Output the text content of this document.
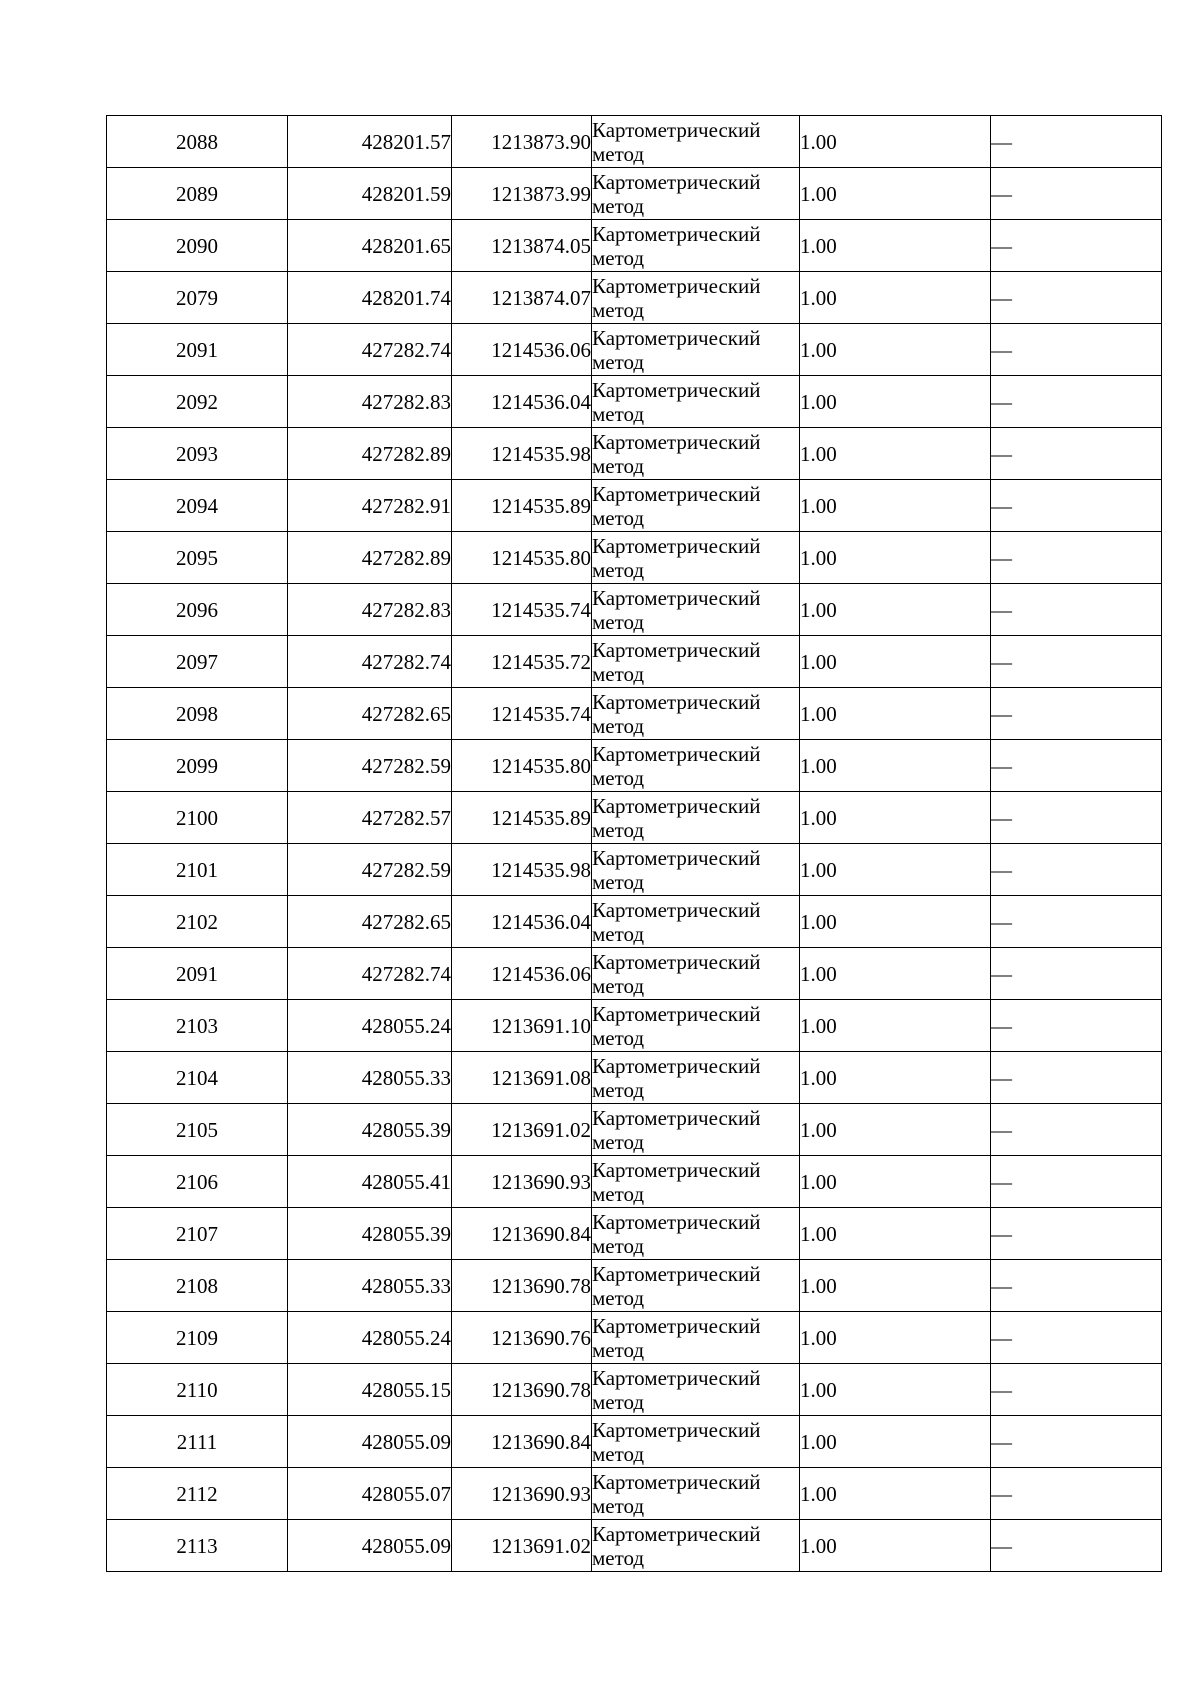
2088	428201.57	1213873.90	Картометрический
метод	1.00	—
2089	428201.59	1213873.99	Картометрический
метод	1.00	—
2090	428201.65	1213874.05	Картометрический
метод	1.00	—
2079	428201.74	1213874.07	Картометрический
метод	1.00	—
2091	427282.74	1214536.06	Картометрический
метод	1.00	—
2092	427282.83	1214536.04	Картометрический
метод	1.00	—
2093	427282.89	1214535.98	Картометрический
метод	1.00	—
2094	427282.91	1214535.89	Картометрический
метод	1.00	—
2095	427282.89	1214535.80	Картометрический
метод	1.00	—
2096	427282.83	1214535.74	Картометрический
метод	1.00	—
2097	427282.74	1214535.72	Картометрический
метод	1.00	—
2098	427282.65	1214535.74	Картометрический
метод	1.00	—
2099	427282.59	1214535.80	Картометрический
метод	1.00	—
2100	427282.57	1214535.89	Картометрический
метод	1.00	—
2101	427282.59	1214535.98	Картометрический
метод	1.00	—
2102	427282.65	1214536.04	Картометрический
метод	1.00	—
2091	427282.74	1214536.06	Картометрический
метод	1.00	—
2103	428055.24	1213691.10	Картометрический
метод	1.00	—
2104	428055.33	1213691.08	Картометрический
метод	1.00	—
2105	428055.39	1213691.02	Картометрический
метод	1.00	—
2106	428055.41	1213690.93	Картометрический
метод	1.00	—
2107	428055.39	1213690.84	Картометрический
метод	1.00	—
2108	428055.33	1213690.78	Картометрический
метод	1.00	—
2109	428055.24	1213690.76	Картометрический
метод	1.00	—
2110	428055.15	1213690.78	Картометрический
метод	1.00	—
2111	428055.09	1213690.84	Картометрический
метод	1.00	—
2112	428055.07	1213690.93	Картометрический
метод	1.00	—
2113	428055.09	1213691.02	Картометрический
метод	1.00	—
